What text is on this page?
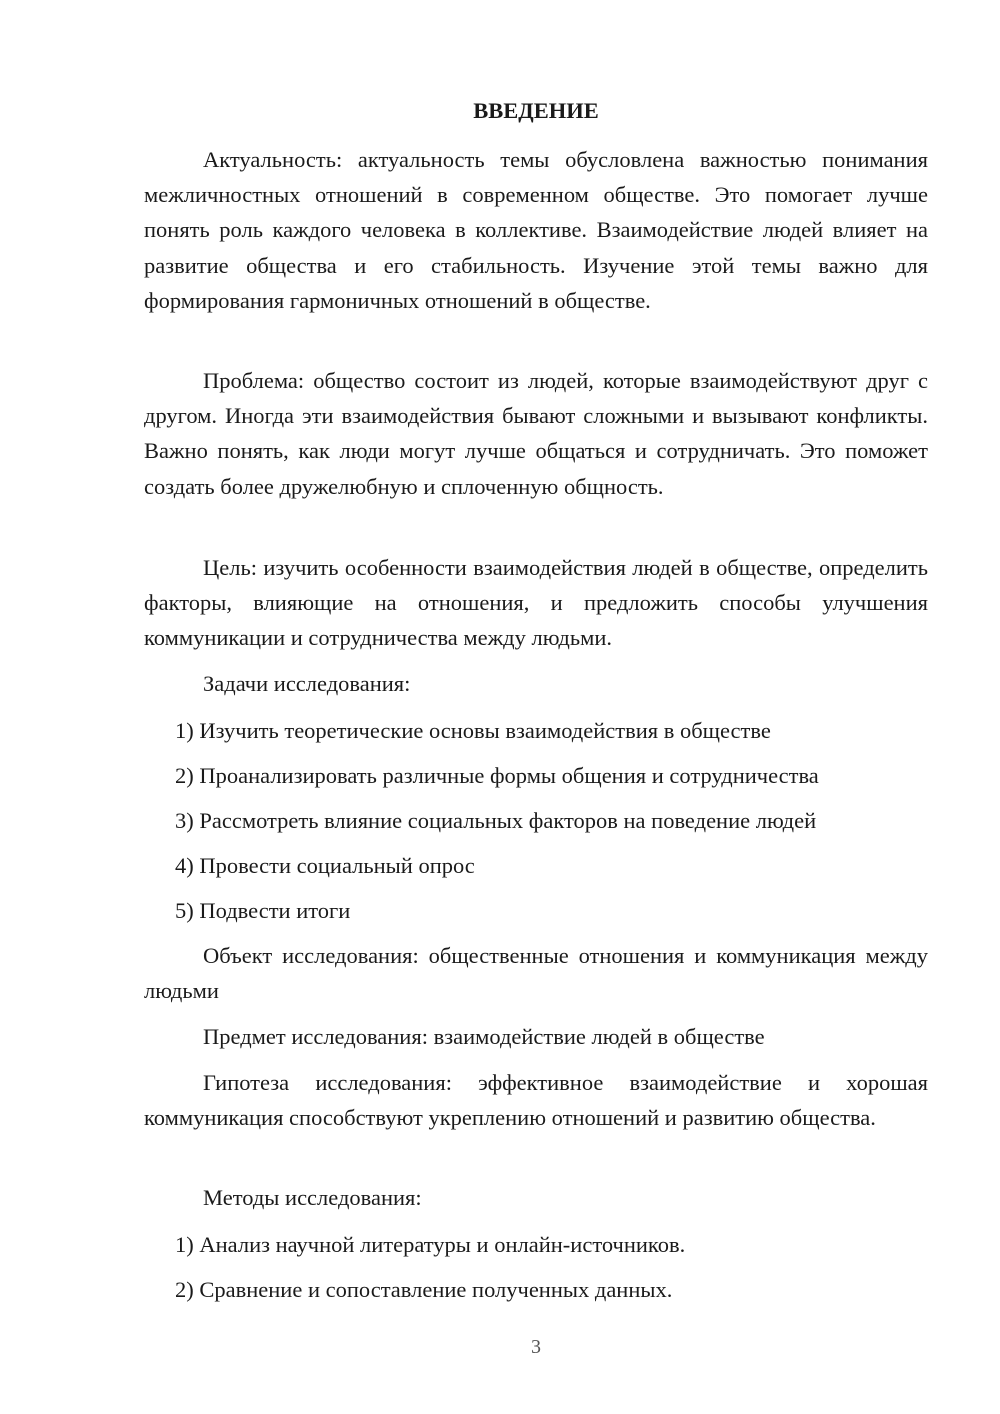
ВВЕДЕНИЕ
Актуальность: актуальность темы обусловлена важностью понимания межличностных отношений в современном обществе. Это помогает лучше понять роль каждого человека в коллективе. Взаимодействие людей влияет на развитие общества и его стабильность. Изучение этой темы важно для формирования гармоничных отношений в обществе.
Проблема: общество состоит из людей, которые взаимодействуют друг с другом. Иногда эти взаимодействия бывают сложными и вызывают конфликты. Важно понять, как люди могут лучше общаться и сотрудничать. Это поможет создать более дружелюбную и сплоченную общность.
Цель: изучить особенности взаимодействия людей в обществе, определить факторы, влияющие на отношения, и предложить способы улучшения коммуникации и сотрудничества между людьми.
Задачи исследования:
1) Изучить теоретические основы взаимодействия в обществе
2) Проанализировать различные формы общения и сотрудничества
3) Рассмотреть влияние социальных факторов на поведение людей
4) Провести социальный опрос
5) Подвести итоги
Объект исследования: общественные отношения и коммуникация между людьми
Предмет исследования: взаимодействие людей в обществе
Гипотеза исследования: эффективное взаимодействие и хорошая коммуникация способствуют укреплению отношений и развитию общества.
Методы исследования:
1) Анализ научной литературы и онлайн-источников.
2) Сравнение и сопоставление полученных данных.
3
